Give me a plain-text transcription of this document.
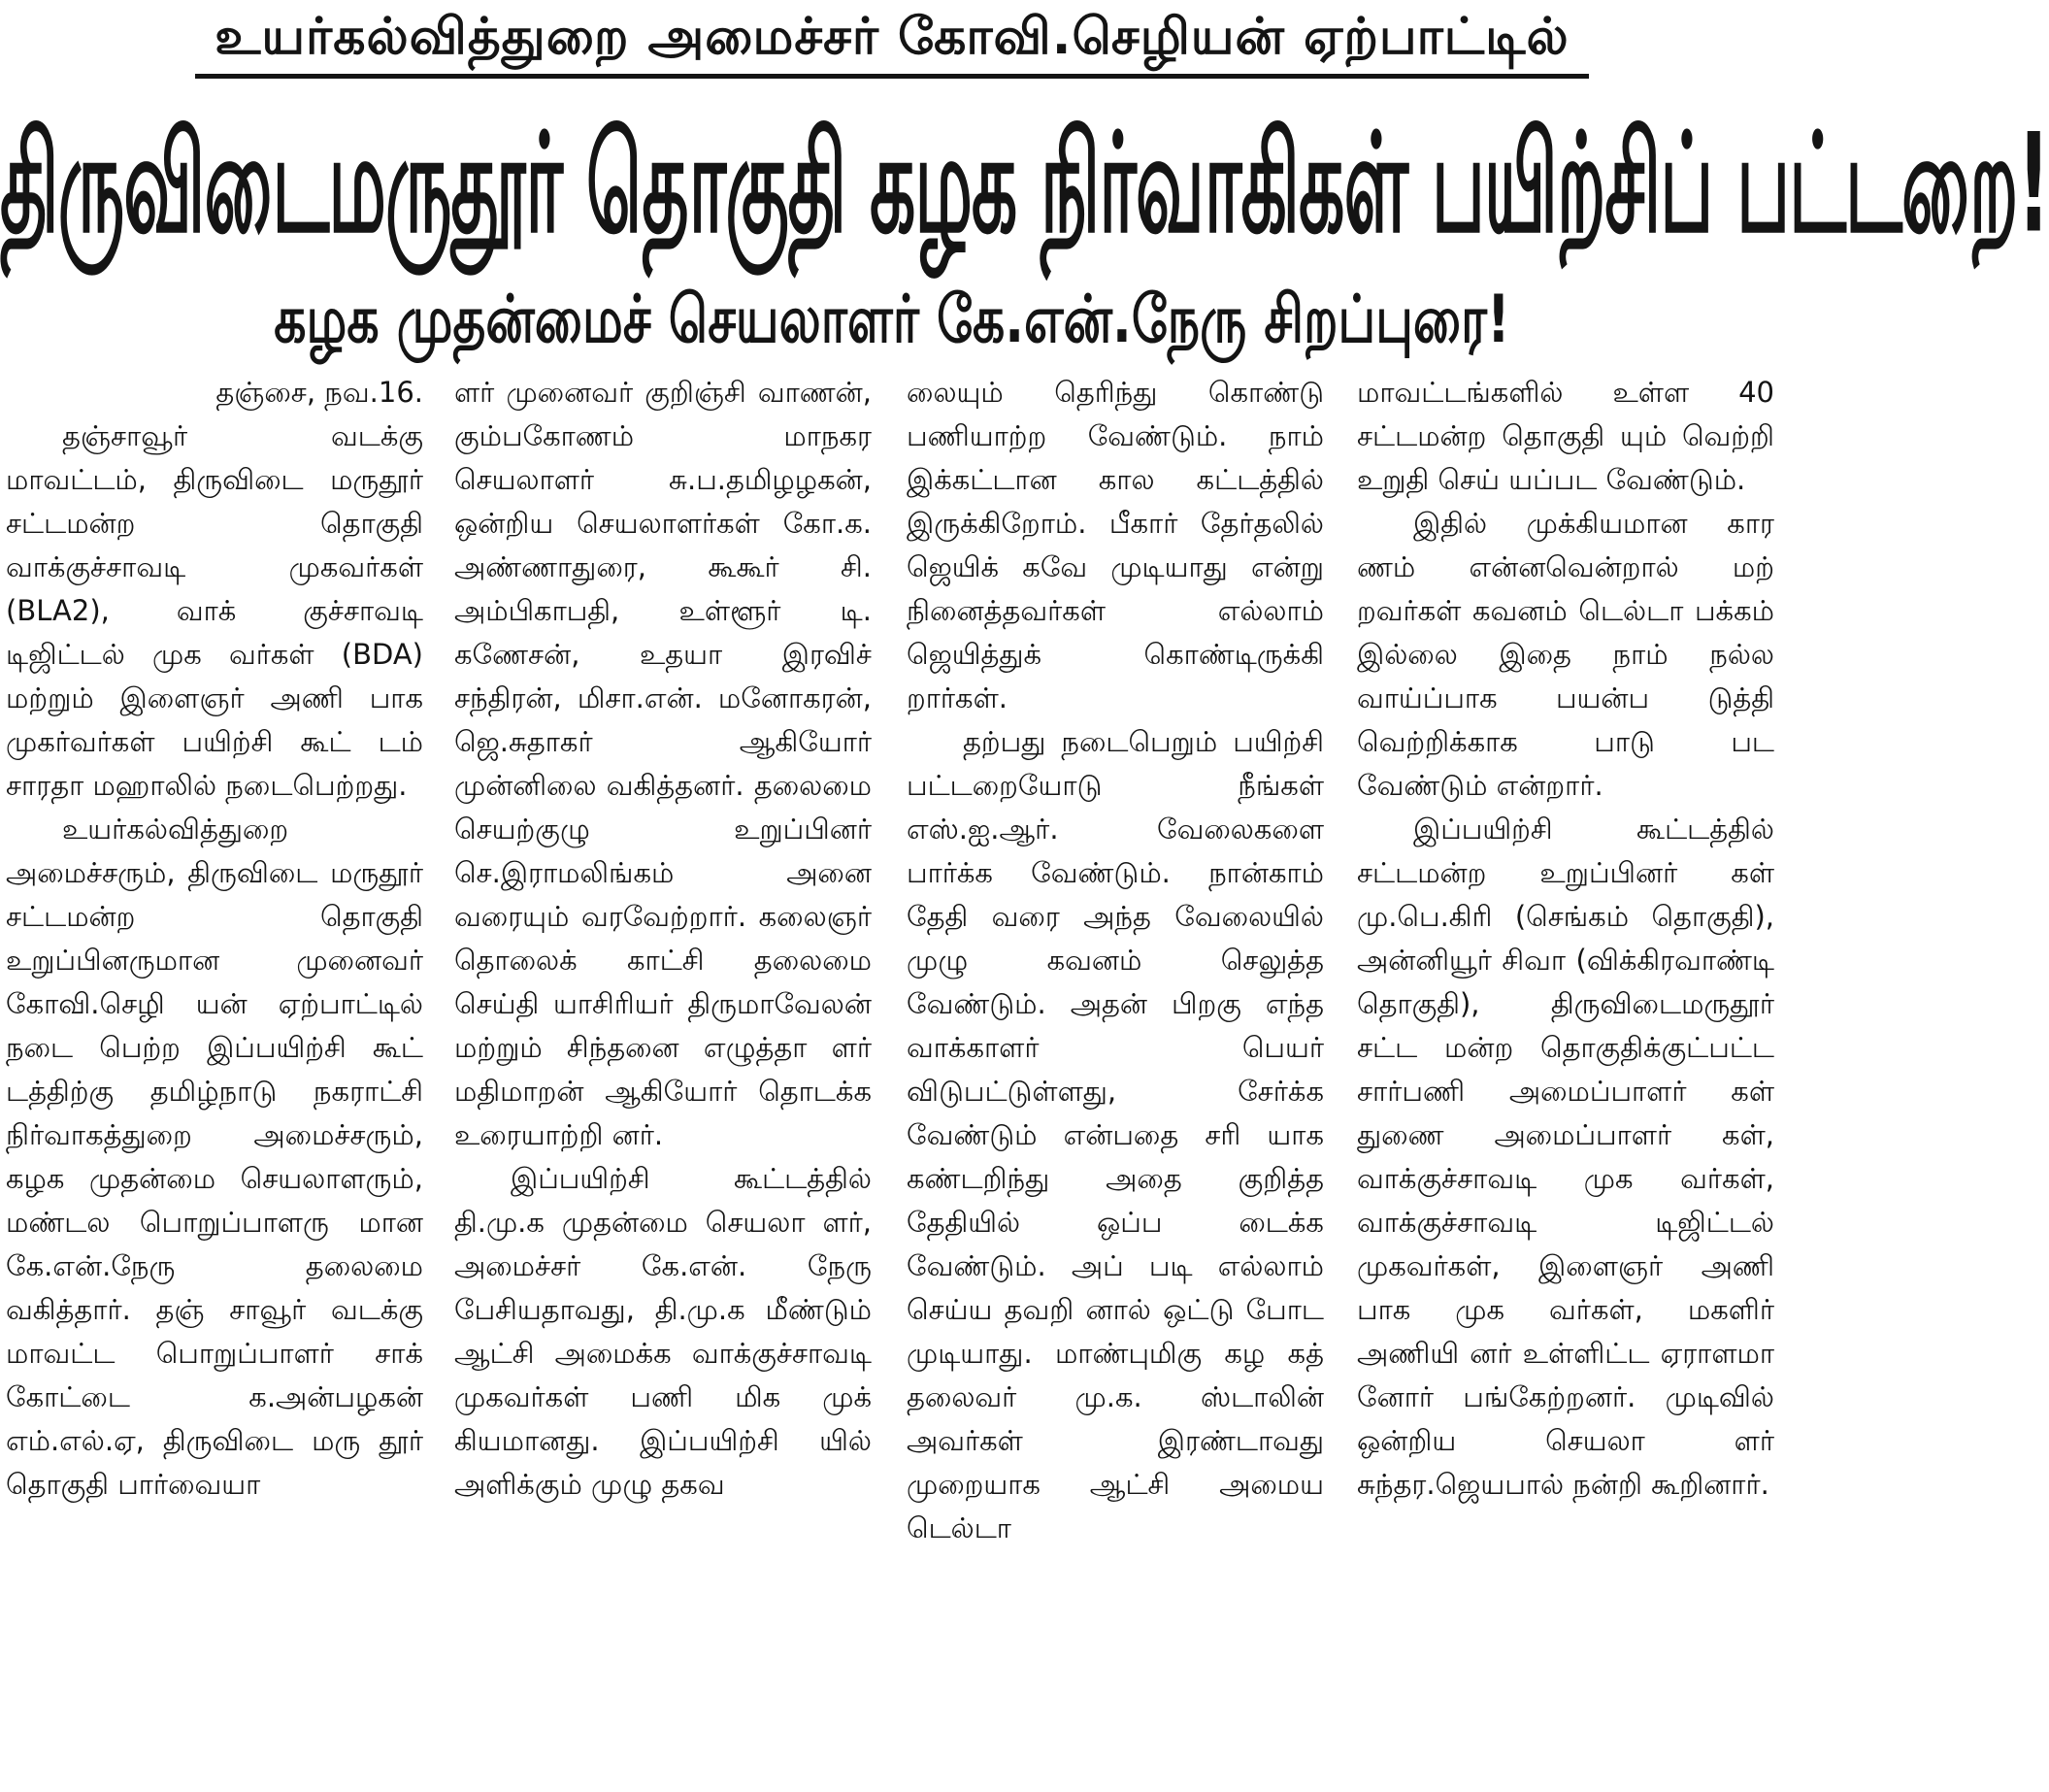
உயர்கல்வித்துறை அமைச்சர் கோவி.செழியன் ஏற்பாட்டில்
திருவிடைமருதூர் தொகுதி கழக நிர்வாகிகள் பயிற்சிப் பட்டறை!
கழக முதன்மைச் செயலாளர் கே.என்.நேரு சிறப்புரை!

தஞ்சை, நவ.16.

தஞ்சாவூர் வடக்கு மாவட்டம், திருவிடை மருதூர் சட்டமன்ற தொகுதி வாக்குச்சாவடி முகவர்கள் (BLA2), வாக் குச்சாவடி டிஜிட்டல் முக வர்கள் (BDA) மற்றும் இளைஞர் அணி பாக முகர்வர்கள் பயிற்சி கூட் டம் சாரதா மஹாலில் நடைபெற்றது.

உயர்கல்வித்துறை அமைச்சரும், திருவிடை மருதூர் சட்டமன்ற தொகுதி உறுப்பினருமான முனைவர் கோவி.செழி யன் ஏற்பாட்டில் நடை பெற்ற இப்பயிற்சி கூட் டத்திற்கு தமிழ்நாடு நகராட்சி நிர்வாகத்துறை அமைச்சரும், கழக முதன்மை செயலாளரும், மண்டல பொறுப்பாளரு மான கே.என்.நேரு தலைமை வகித்தார். தஞ் சாவூர் வடக்கு மாவட்ட பொறுப்பாளர் சாக் கோட்டை க.அன்பழகன் எம்.எல்.ஏ, திருவிடை மரு தூர் தொகுதி பார்வையா

ளர் முனைவர் குறிஞ்சி வாணன், கும்பகோணம் மாநகர செயலாளர் சு.ப.தமிழழகன், ஒன்றிய செயலாளர்கள் கோ.க. அண்ணாதுரை, கூகூர் சி. அம்பிகாபதி, உள்ளூர் டி. கணேசன், உதயா இரவிச் சந்திரன், மிசா.என். மனோகரன், ஜெ.சுதாகர் ஆகியோர் முன்னிலை வகித்தனர். தலைமை செயற்குழு உறுப்பினர் செ.இராமலிங்கம் அனை வரையும் வரவேற்றார். கலைஞர் தொலைக் காட்சி தலைமை செய்தி யாசிரியர் திருமாவேலன் மற்றும் சிந்தனை எழுத்தா ளர் மதிமாறன் ஆகியோர் தொடக்க உரையாற்றி னர்.

இப்பயிற்சி கூட்டத்தில் தி.மு.க முதன்மை செயலா ளர், அமைச்சர் கே.என். நேரு பேசியதாவது, தி.மு.க மீண்டும் ஆட்சி அமைக்க வாக்குச்சாவடி முகவர்கள் பணி மிக முக் கியமானது. இப்பயிற்சி யில் அளிக்கும் முழு தகவ

லையும் தெரிந்து கொண்டு பணியாற்ற வேண்டும். நாம் இக்கட்டான கால கட்டத்தில் இருக்கிறோம். பீகார் தேர்தலில் ஜெயிக் கவே முடியாது என்று நினைத்தவர்கள் எல்லாம் ஜெயித்துக் கொண்டிருக்கி றார்கள்.

தற்பது நடைபெறும் பயிற்சி பட்டறையோடு நீங்கள் எஸ்.ஐ.ஆர். வேலைகளை பார்க்க வேண்டும். நான்காம் தேதி வரை அந்த வேலையில் முழு கவனம் செலுத்த வேண்டும். அதன் பிறகு எந்த வாக்காளர் பெயர் விடுபட்டுள்ளது, சேர்க்க வேண்டும் என்பதை சரி யாக கண்டறிந்து அதை குறித்த தேதியில் ஒப்ப டைக்க வேண்டும். அப் படி எல்லாம் செய்ய தவறி னால் ஒட்டு போட முடியாது. மாண்புமிகு கழ கத் தலைவர் மு.க. ஸ்டாலின் அவர்கள் இரண்டாவது முறையாக ஆட்சி அமைய டெல்டா

மாவட்டங்களில் உள்ள 40 சட்டமன்ற தொகுதி யும் வெற்றி உறுதி செய் யப்பட வேண்டும்.

இதில் முக்கியமான கார ணம் என்னவென்றால் மற் றவர்கள் கவனம் டெல்டா பக்கம் இல்லை இதை நாம் நல்ல வாய்ப்பாக பயன்ப டுத்தி வெற்றிக்காக பாடு பட வேண்டும் என்றார்.

இப்பயிற்சி கூட்டத்தில் சட்டமன்ற உறுப்பினர் கள் மு.பெ.கிரி (செங்கம் தொகுதி), அன்னியூர் சிவா (விக்கிரவாண்டி தொகுதி), திருவிடைமருதூர் சட்ட மன்ற தொகுதிக்குட்பட்ட சார்பணி அமைப்பாளர் கள் துணை அமைப்பாளர் கள், வாக்குச்சாவடி முக வர்கள், வாக்குச்சாவடி டிஜிட்டல் முகவர்கள், இளைஞர் அணி பாக முக வர்கள், மகளிர் அணியி னர் உள்ளிட்ட ஏராளமா னோர் பங்கேற்றனர். முடிவில் ஒன்றிய செயலா ளர் சுந்தர.ஜெயபால் நன்றி கூறினார்.
